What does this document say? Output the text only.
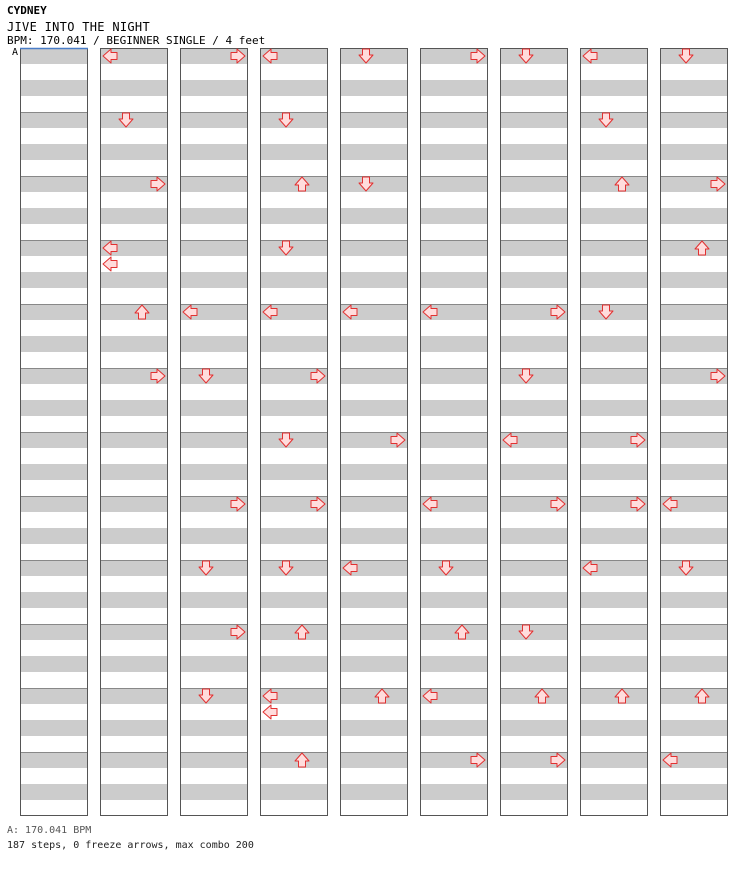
CYDNEY
JIVE INTO THE NIGHT
BPM: 170.041 / BEGINNER SINGLE / 4 feet
A
A: 170.041 BPM
187 steps, 0 freeze arrows, max combo 200
